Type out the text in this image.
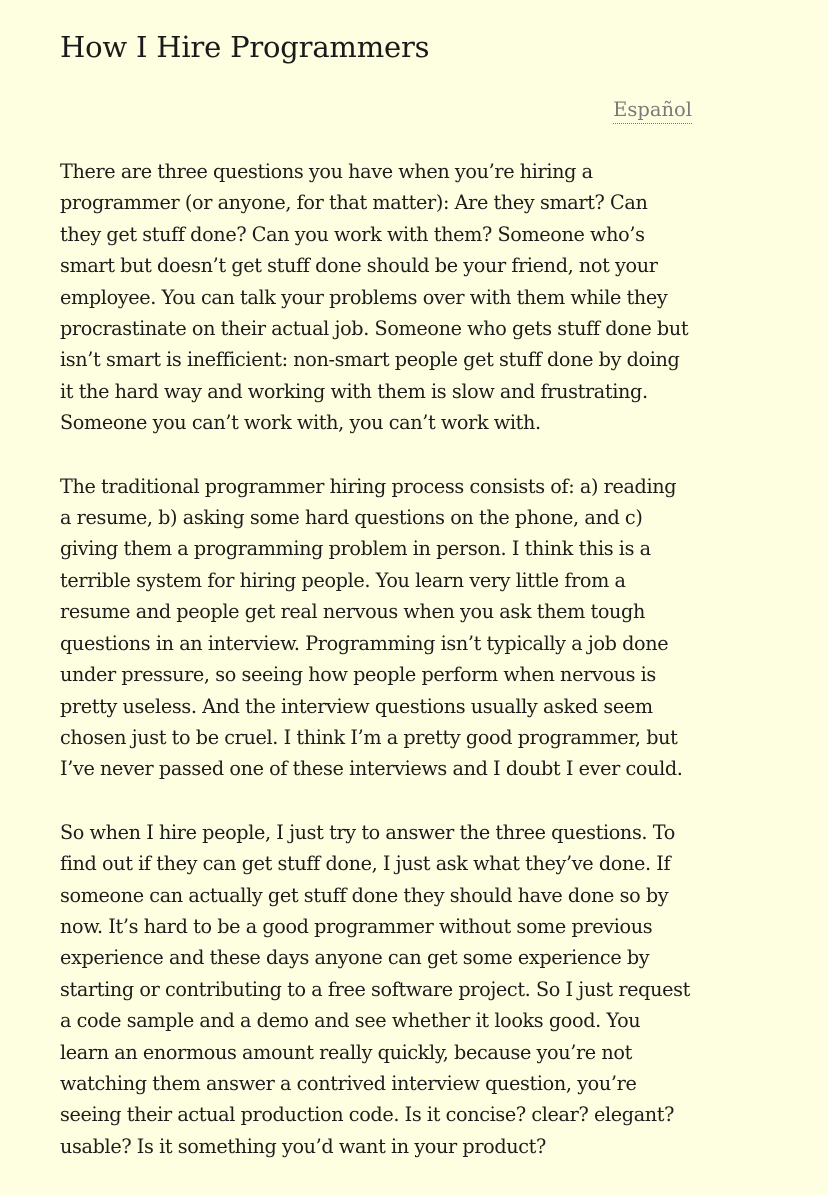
How I Hire Programmers
Español

There are three questions you have when you’re hiring a programmer (or anyone, for that matter): Are they smart? Can they get stuff done? Can you work with them? Someone who’s smart but doesn’t get stuff done should be your friend, not your employee. You can talk your problems over with them while they procrastinate on their actual job. Someone who gets stuff done but isn’t smart is inefficient: non-smart people get stuff done by doing it the hard way and working with them is slow and frustrating. Someone you can’t work with, you can’t work with.

The traditional programmer hiring process consists of: a) reading a resume, b) asking some hard questions on the phone, and c) giving them a programming problem in person. I think this is a terrible system for hiring people. You learn very little from a resume and people get real nervous when you ask them tough questions in an interview. Programming isn’t typically a job done under pressure, so seeing how people perform when nervous is pretty useless. And the interview questions usually asked seem chosen just to be cruel. I think I’m a pretty good programmer, but I’ve never passed one of these interviews and I doubt I ever could.

So when I hire people, I just try to answer the three questions. To find out if they can get stuff done, I just ask what they’ve done. If someone can actually get stuff done they should have done so by now. It’s hard to be a good programmer without some previous experience and these days anyone can get some experience by starting or contributing to a free software project. So I just request a code sample and a demo and see whether it looks good. You learn an enormous amount really quickly, because you’re not watching them answer a contrived interview question, you’re seeing their actual production code. Is it concise? clear? elegant? usable? Is it something you’d want in your product?
